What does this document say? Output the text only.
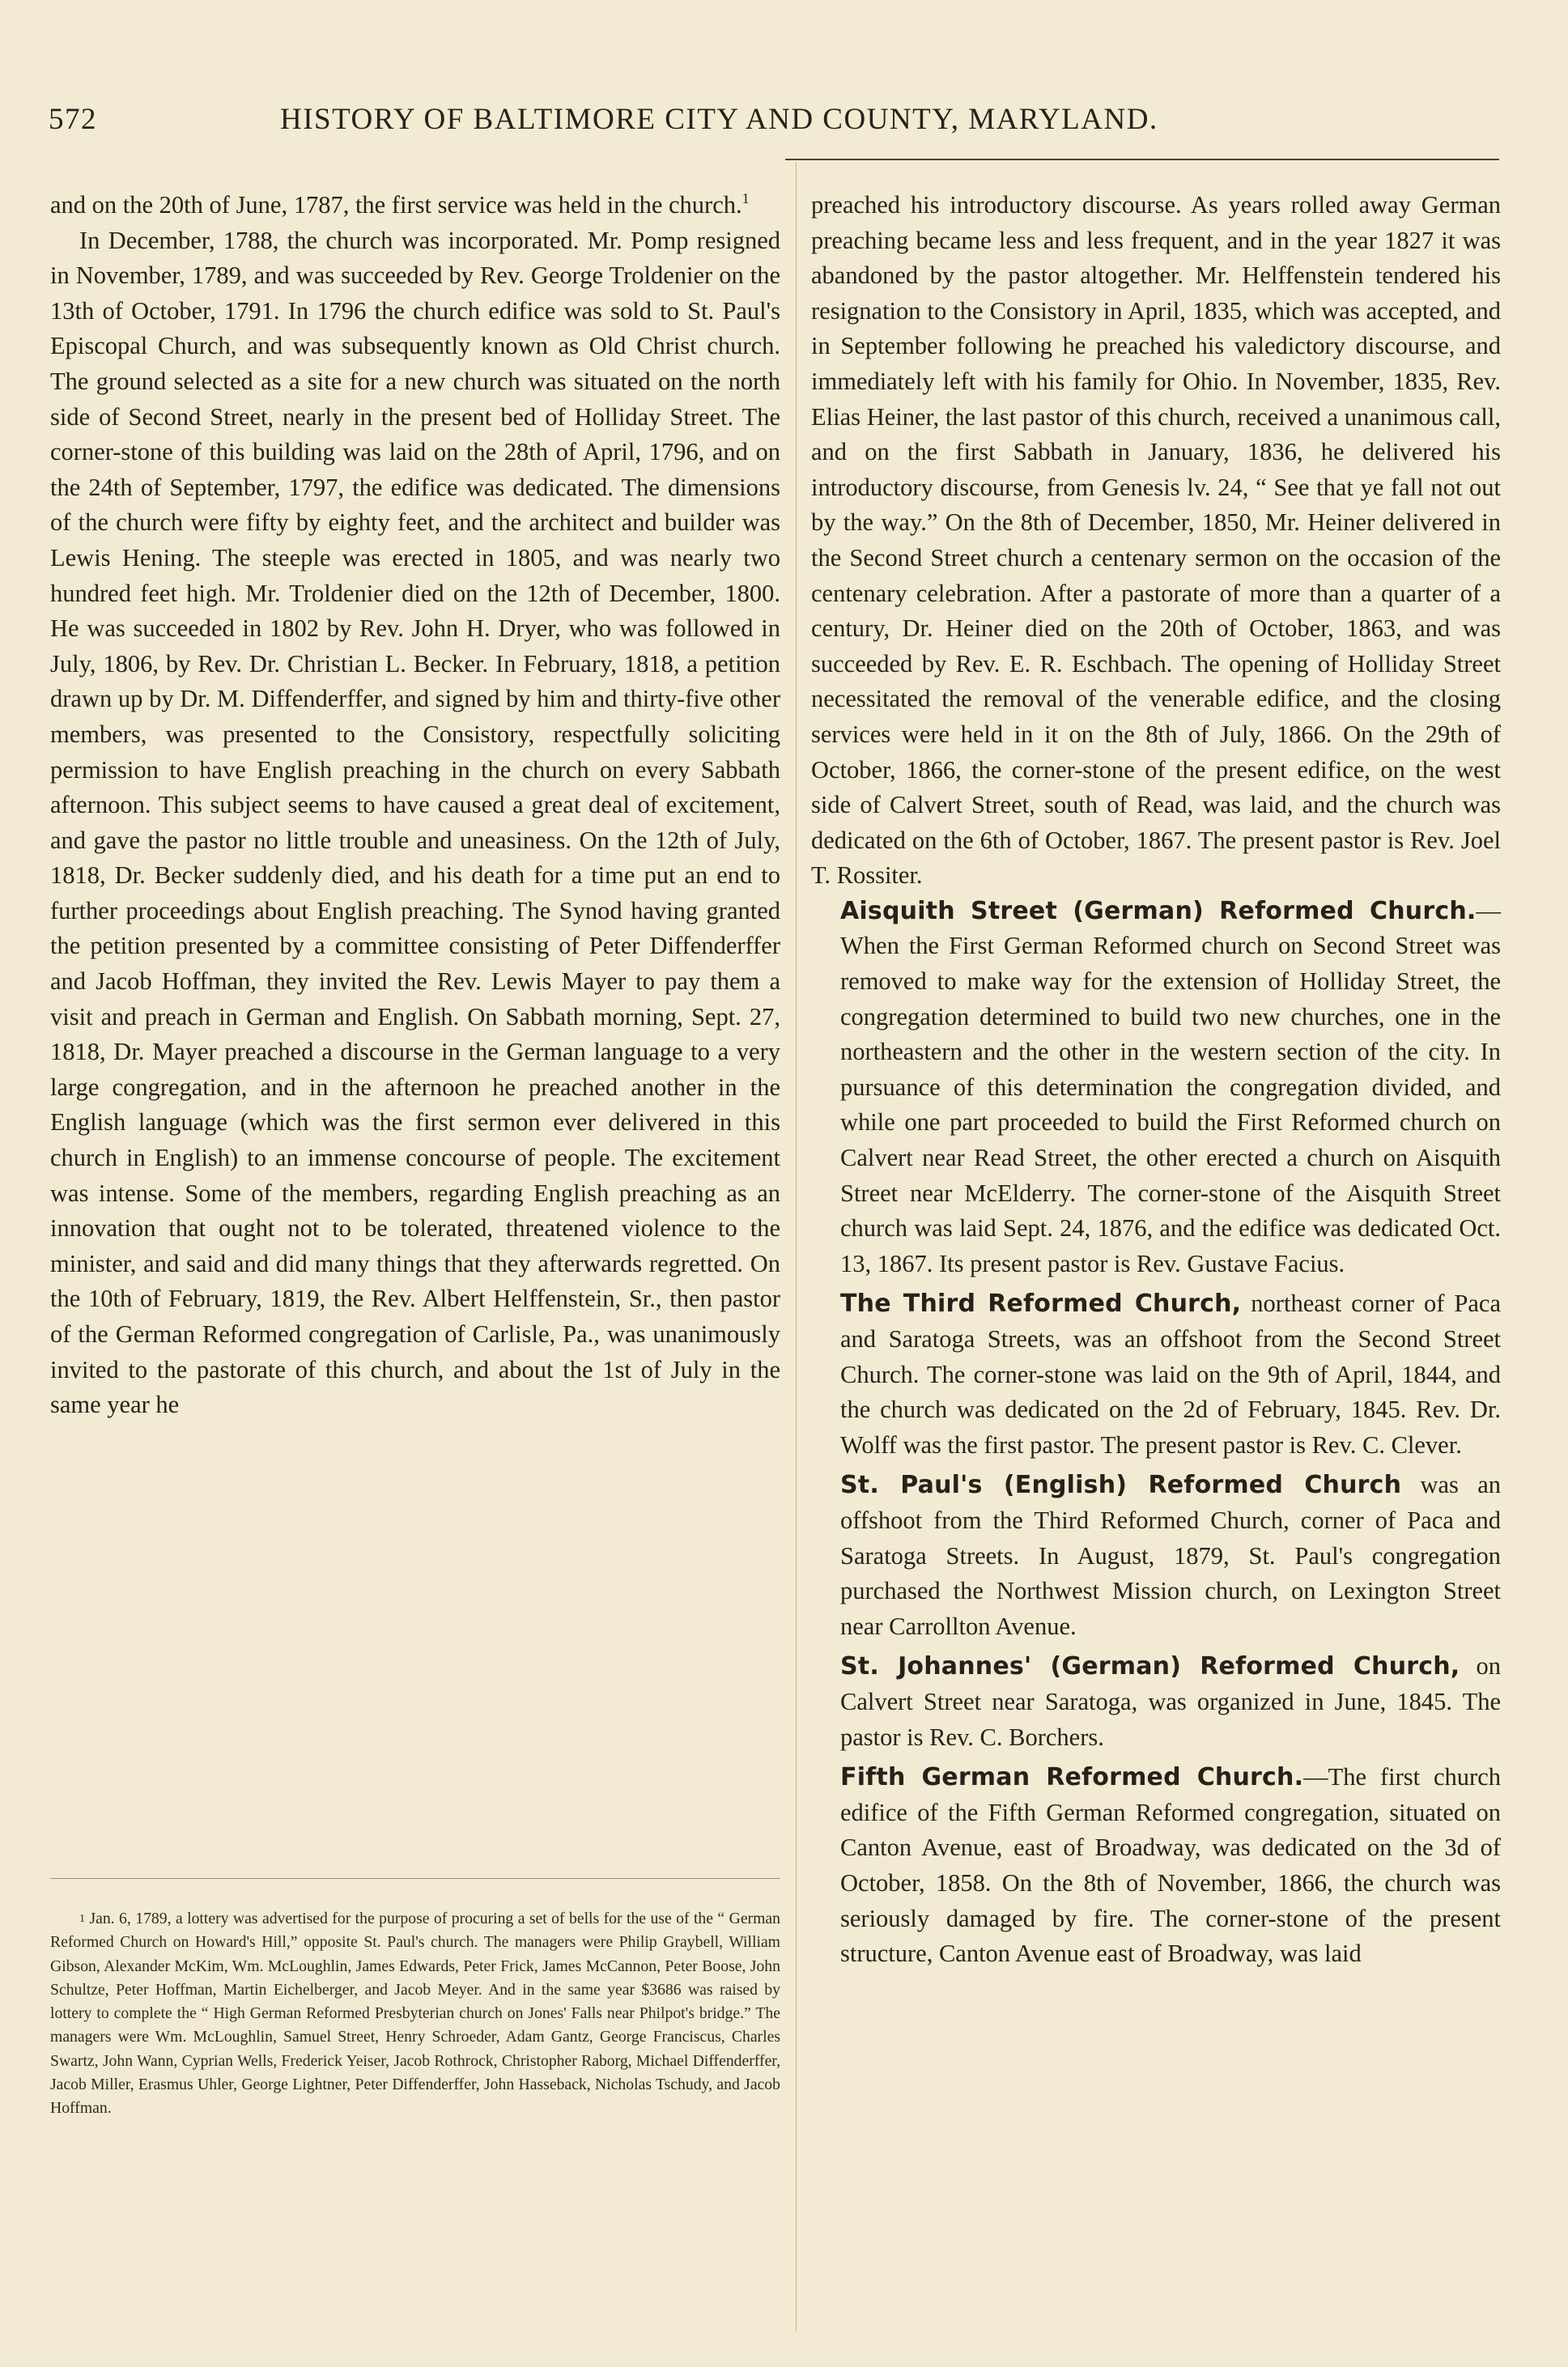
572	HISTORY OF BALTIMORE CITY AND COUNTY, MARYLAND.

and on the 20th of June, 1787, the first service was held in the church.$^1$

In December, 1788, the church was incorporated. Mr. Pomp resigned in November, 1789, and was succeeded by Rev. George Troldenier on the 13th of October, 1791. In 1796 the church edifice was sold to St. Paul's Episcopal Church, and was subsequently known as Old Christ church. The ground selected as a site for a new church was situated on the north side of Second Street, nearly in the present bed of Holliday Street. The corner-stone of this building was laid on the 28th of April, 1796, and on the 24th of September, 1797, the edifice was dedicated. The dimensions of the church were fifty by eighty feet, and the architect and builder was Lewis Hening. The steeple was erected in 1805, and was nearly two hundred feet high. Mr. Troldenier died on the 12th of December, 1800. He was succeeded in 1802 by Rev. John H. Dryer, who was followed in July, 1806, by Rev. Dr. Christian L. Becker. In February, 1818, a petition drawn up by Dr. M. Diffenderffer, and signed by him and thirty-five other members, was presented to the Consistory, respectfully soliciting permission to have English preaching in the church on every Sabbath afternoon. This subject seems to have caused a great deal of excitement, and gave the pastor no little trouble and uneasiness. On the 12th of July, 1818, Dr. Becker suddenly died, and his death for a time put an end to further proceedings about English preaching. The Synod having granted the petition presented by a committee consisting of Peter Diffenderffer and Jacob Hoffman, they invited the Rev. Lewis Mayer to pay them a visit and preach in German and English. On Sabbath morning, Sept. 27, 1818, Dr. Mayer preached a discourse in the German language to a very large congregation, and in the afternoon he preached another in the English language (which was the first sermon ever delivered in this church in English) to an immense concourse of people. The excitement was intense. Some of the members, regarding English preaching as an innovation that ought not to be tolerated, threatened violence to the minister, and said and did many things that they afterwards regretted. On the 10th of February, 1819, the Rev. Albert Helffenstein, Sr., then pastor of the German Reformed congregation of Carlisle, Pa., was unanimously invited to the pastorate of this church, and about the 1st of July in the same year he

$^1$ Jan. 6, 1789, a lottery was advertised for the purpose of procuring a set of bells for the use of the “ German Reformed Church on Howard's Hill,” opposite St. Paul's church. The managers were Philip Graybell, William Gibson, Alexander McKim, Wm. McLoughlin, James Edwards, Peter Frick, James McCannon, Peter Boose, John Schultze, Peter Hoffman, Martin Eichelberger, and Jacob Meyer. And in the same year $3686 was raised by lottery to complete the “ High German Reformed Presbyterian church on Jones' Falls near Philpot's bridge.” The managers were Wm. McLoughlin, Samuel Street, Henry Schroeder, Adam Gantz, George Franciscus, Charles Swartz, John Wann, Cyprian Wells, Frederick Yeiser, Jacob Rothrock, Christopher Raborg, Michael Diffenderffer, Jacob Miller, Erasmus Uhler, George Lightner, Peter Diffenderffer, John Hasseback, Nicholas Tschudy, and Jacob Hoffman.

preached his introductory discourse. As years rolled away German preaching became less and less frequent, and in the year 1827 it was abandoned by the pastor altogether. Mr. Helffenstein tendered his resignation to the Consistory in April, 1835, which was accepted, and in September following he preached his valedictory discourse, and immediately left with his family for Ohio. In November, 1835, Rev. Elias Heiner, the last pastor of this church, received a unanimous call, and on the first Sabbath in January, 1836, he delivered his introductory discourse, from Genesis lv. 24, “ See that ye fall not out by the way.” On the 8th of December, 1850, Mr. Heiner delivered in the Second Street church a centenary sermon on the occasion of the centenary celebration. After a pastorate of more than a quarter of a century, Dr. Heiner died on the 20th of October, 1863, and was succeeded by Rev. E. R. Eschbach. The opening of Holliday Street necessitated the removal of the venerable edifice, and the closing services were held in it on the 8th of July, 1866. On the 29th of October, 1866, the corner-stone of the present edifice, on the west side of Calvert Street, south of Read, was laid, and the church was dedicated on the 6th of October, 1867. The present pastor is Rev. Joel T. Rossiter.

Aisquith Street (German) Reformed Church.—When the First German Reformed church on Second Street was removed to make way for the extension of Holliday Street, the congregation determined to build two new churches, one in the northeastern and the other in the western section of the city. In pursuance of this determination the congregation divided, and while one part proceeded to build the First Reformed church on Calvert near Read Street, the other erected a church on Aisquith Street near McElderry. The corner-stone of the Aisquith Street church was laid Sept. 24, 1876, and the edifice was dedicated Oct. 13, 1867. Its present pastor is Rev. Gustave Facius.

The Third Reformed Church, northeast corner of Paca and Saratoga Streets, was an offshoot from the Second Street Church. The corner-stone was laid on the 9th of April, 1844, and the church was dedicated on the 2d of February, 1845. Rev. Dr. Wolff was the first pastor. The present pastor is Rev. C. Clever.

St. Paul's (English) Reformed Church was an offshoot from the Third Reformed Church, corner of Paca and Saratoga Streets. In August, 1879, St. Paul's congregation purchased the Northwest Mission church, on Lexington Street near Carrollton Avenue.

St. Johannes' (German) Reformed Church, on Calvert Street near Saratoga, was organized in June, 1845. The pastor is Rev. C. Borchers.

Fifth German Reformed Church.—The first church edifice of the Fifth German Reformed congregation, situated on Canton Avenue, east of Broadway, was dedicated on the 3d of October, 1858. On the 8th of November, 1866, the church was seriously damaged by fire. The corner-stone of the present structure, Canton Avenue east of Broadway, was laid
